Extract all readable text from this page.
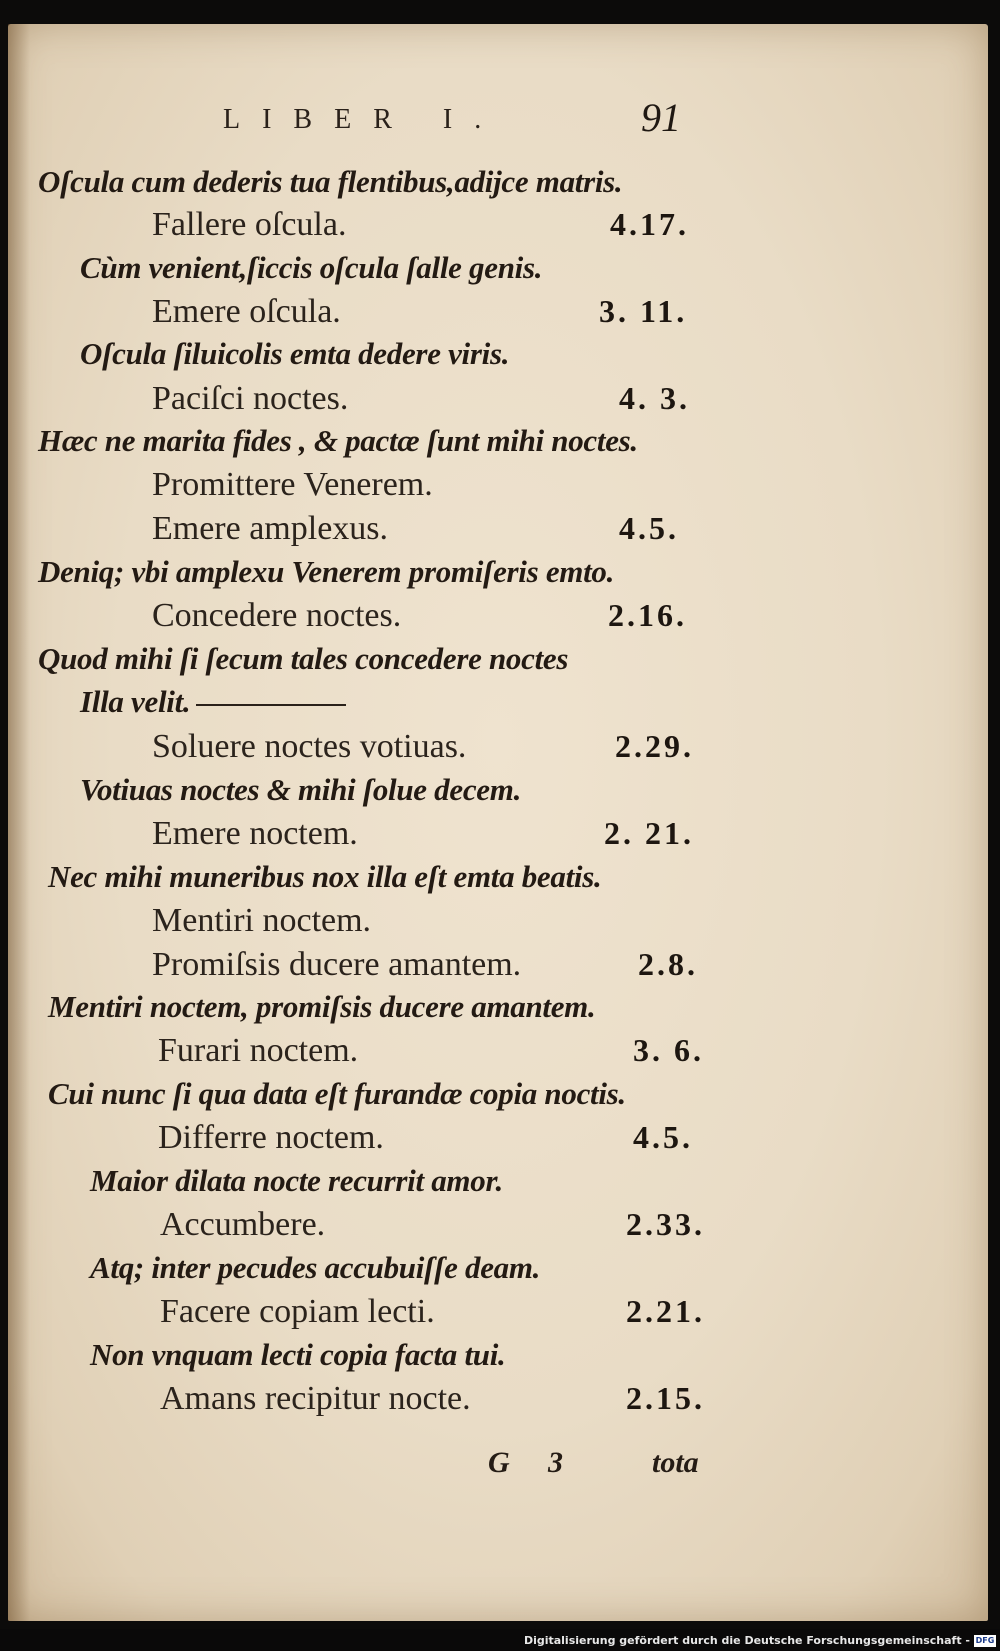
LIBER I.	91
Oſcula cum dederis tua flentibus,adijce matris.
Fallere oſcula.	4.17.
Cùm venient,ſiccis oſcula ſalle genis.
Emere oſcula.	3. 11.
Oſcula ſiluicolis emta dedere viris.
Paciſci noctes.	4. 3.
Hæc ne marita fides , & pactæ ſunt mihi noctes.
Promittere Venerem.
Emere amplexus.	4.5.
Deniq; vbi amplexu Venerem promiſeris emto.
Concedere noctes.	2.16.
Quod mihi ſi ſecum tales concedere noctes
Illa velit.
Soluere noctes votiuas.	2.29.
Votiuas noctes & mihi ſolue decem.
Emere noctem.	2. 21.
Nec mihi muneribus nox illa eſt emta beatis.
Mentiri noctem.
Promiſsis ducere amantem.	2.8.
Mentiri noctem, promiſsis ducere amantem.
Furari noctem.	3. 6.
Cui nunc ſi qua data eſt furandæ copia noctis.
Differre noctem.	4.5.
Maior dilata nocte recurrit amor.
Accumbere.	2.33.
Atq; inter pecudes accubuiſſe deam.
Facere copiam lecti.	2.21.
Non vnquam lecti copia facta tui.
Amans recipitur nocte.	2.15.
G 3	tota
Digitalisierung gefördert durch die Deutsche Forschungsgemeinschaft - DFG
